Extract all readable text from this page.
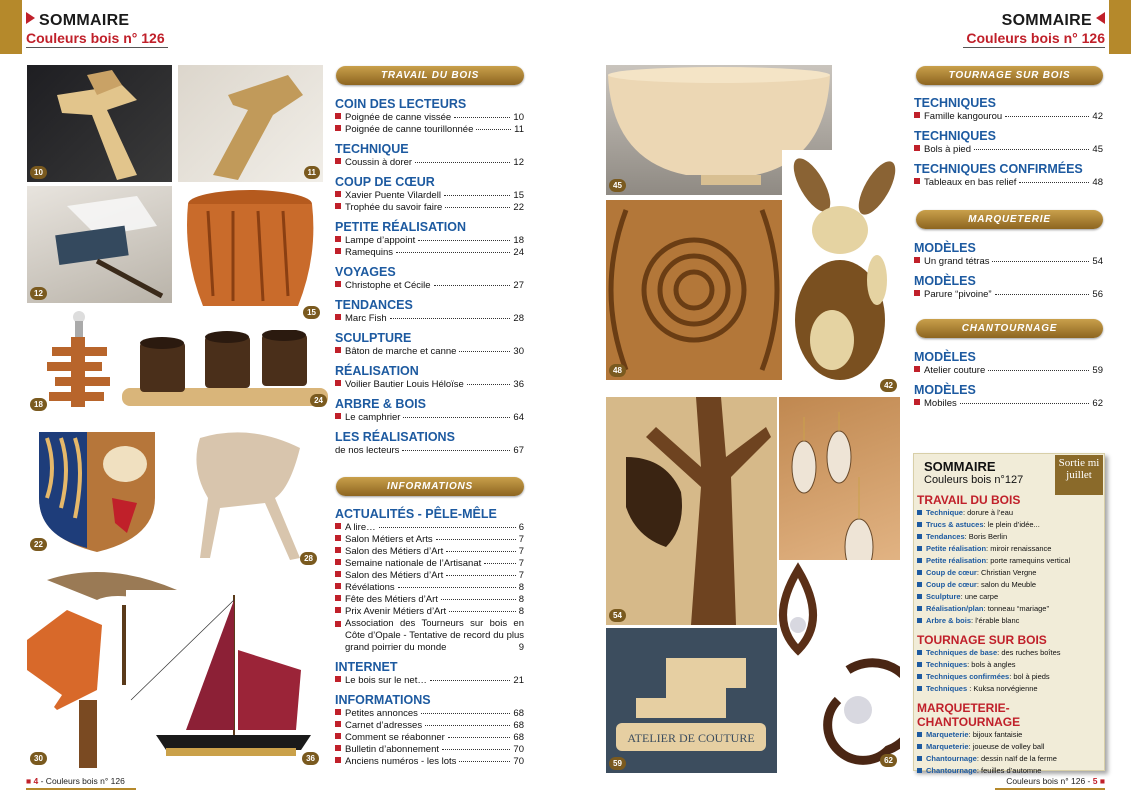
SOMMAIRE
Couleurs bois n° 126
SOMMAIRE
Couleurs bois n° 126
10	11
12
15
18	24
22
28
30	36
TRAVAIL DU BOIS
COIN DES LECTEURS
Poignée de canne vissée	10
Poignée de canne tourillonnée	11
TECHNIQUE
Coussin à dorer	12
COUP DE CŒUR
Xavier Puente Vilardell	15
Trophée du savoir faire	22
PETITE RÉALISATION
Lampe d’appoint	18
Ramequins	24
VOYAGES
Christophe et Cécile	27
TENDANCES
Marc Fish	28
SCULPTURE
Bâton de marche et canne	30
RÉALISATION
Voilier Bautier Louis Héloïse	36
ARBRE & BOIS
Le camphrier	64
LES RÉALISATIONS
de nos lecteurs	67
INFORMATIONS
ACTUALITÉS - PÊLE-MÊLE
A lire…	6
Salon Métiers et Arts	7
Salon des Métiers d’Art	7
Semaine nationale de l’Artisanat	7
Salon des Métiers d’Art	7
Révélations	8
Fête des Métiers d’Art	8
Prix Avenir Métiers d’Art	8
Association des Tourneurs sur bois en Côte d’Opale - Tentative de record du plus grand poirrier du monde	9
INTERNET
Le bois sur le net…	21
INFORMATIONS
Petites annonces	68
Carnet d’adresses	68
Comment se réabonner	68
Bulletin d’abonnement	70
Anciens numéros - les lots	70
45
48
42
54
ATELIER DE COUTURE
59	62
TOURNAGE SUR BOIS
TECHNIQUES
Famille kangourou	42
TECHNIQUES
Bols à pied	45
TECHNIQUES CONFIRMÉES
Tableaux en bas relief	48
MARQUETERIE
MODÈLES
Un grand tétras	54
MODÈLES
Parure “pivoine”	56
CHANTOURNAGE
MODÈLES
Atelier couture	59
MODÈLES
Mobiles	62
Sortie mi juillet
SOMMAIRE
Couleurs bois n°127
TRAVAIL DU BOIS
Technique: dorure à l’eau
Trucs & astuces: le plein d’idée...
Tendances: Boris Berlin
Petite réalisation: miroir renaissance
Petite réalisation: porte ramequins vertical
Coup de cœur: Christian Vergne
Coup de cœur: salon du Meuble
Sculpture: une carpe
Réalisation/plan: tonneau “mariage”
Arbre & bois: l’érable blanc
TOURNAGE SUR BOIS
Techniques de base: des ruches boîtes
Techniques: bols à angles
Techniques confirmées: bol à pieds
Techniques : Kuksa norvégienne
MARQUETERIE-CHANTOURNAGE
Marqueterie: bijoux fantaisie
Marqueterie: joueuse de volley ball
Chantournage: dessin naïf de la ferme
Chantournage: feuilles d’automne
■ 4 - Couleurs bois n° 126	Couleurs bois n° 126 - 5 ■
